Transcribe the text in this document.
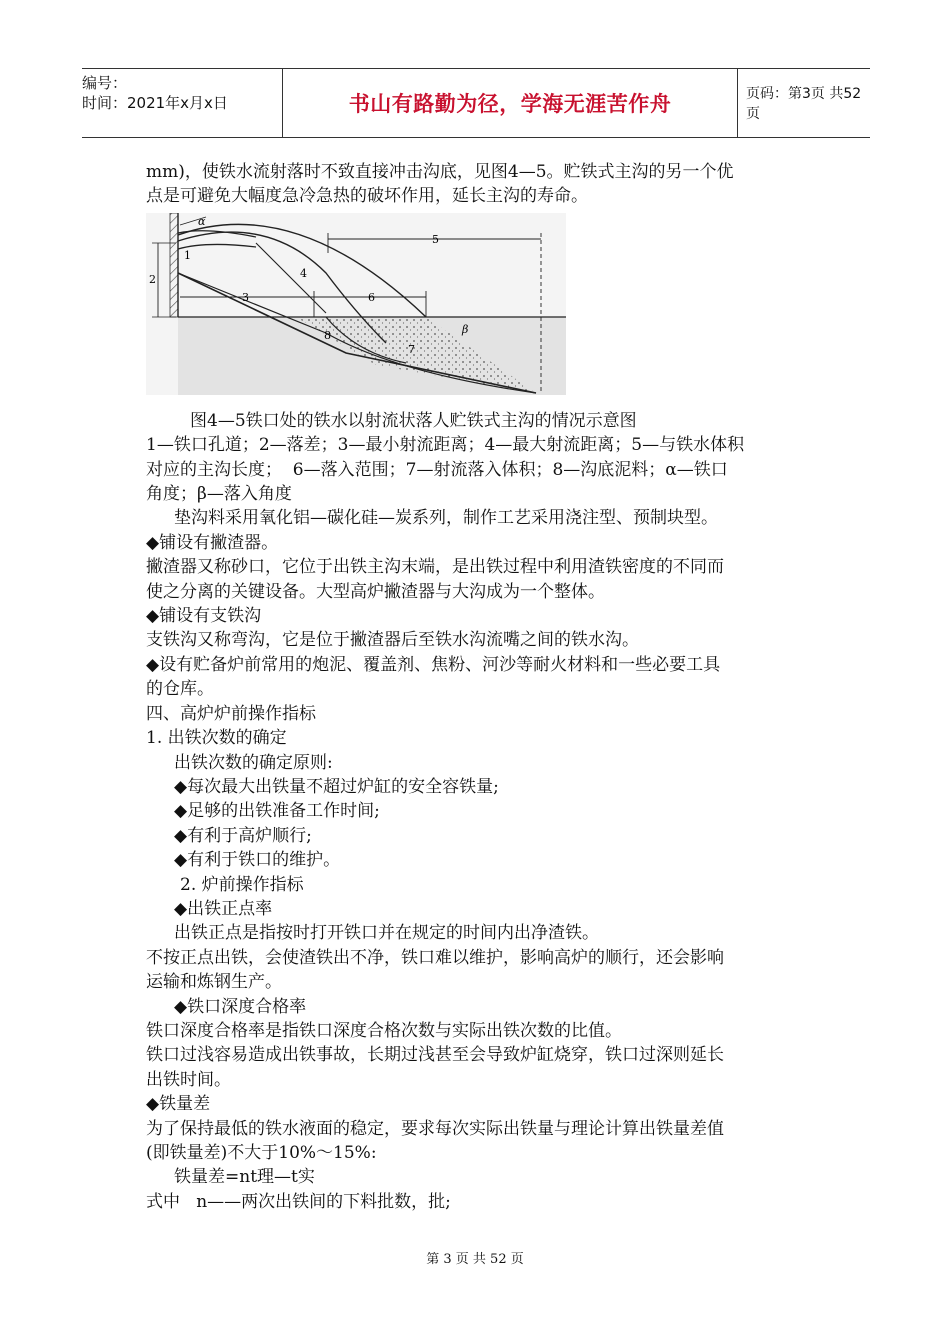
编号：
时间：2021年x月x日	书山有路勤为径，学海无涯苦作舟	页码：第3页 共52页

mm)，使铁水流射落时不致直接冲击沟底，见图4—5。贮铁式主沟的另一个优

点是可避免大幅度急冷急热的破坏作用，延长主沟的寿命。

α
1
2
3
4
5
6
7
8	β

图4—5铁口处的铁水以射流状落人贮铁式主沟的情况示意图

1—铁口孔道；2—落差；3—最小射流距离；4—最大射流距离；5—与铁水体积

对应的主沟长度；  6—落入范围；7—射流落入体积；8—沟底泥料；α—铁口

角度；β—落入角度

垫沟料采用氧化铝—碳化硅—炭系列，制作工艺采用浇注型、预制块型。

◆铺设有撇渣器。

撇渣器又称砂口，它位于出铁主沟末端，是出铁过程中利用渣铁密度的不同而

使之分离的关键设备。大型高炉撇渣器与大沟成为一个整体。

◆铺设有支铁沟

支铁沟又称弯沟，它是位于撇渣器后至铁水沟流嘴之间的铁水沟。

◆设有贮备炉前常用的炮泥、覆盖剂、焦粉、河沙等耐火材料和一些必要工具

的仓库。

四、高炉炉前操作指标

1. 出铁次数的确定

出铁次数的确定原则:

◆每次最大出铁量不超过炉缸的安全容铁量;

◆足够的出铁准备工作时间;

◆有利于高炉顺行;

◆有利于铁口的维护。

2. 炉前操作指标

◆出铁正点率

出铁正点是指按时打开铁口并在规定的时间内出净渣铁。

不按正点出铁，会使渣铁出不净，铁口难以维护，影响高炉的顺行，还会影响

运输和炼钢生产。

◆铁口深度合格率

铁口深度合格率是指铁口深度合格次数与实际出铁次数的比值。

铁口过浅容易造成出铁事故，长期过浅甚至会导致炉缸烧穿，铁口过深则延长

出铁时间。

◆铁量差

为了保持最低的铁水液面的稳定，要求每次实际出铁量与理论计算出铁量差值

(即铁量差)不大于10%～15%:

铁量差=nt理—t实

式中   n——两次出铁间的下料批数，批;

第 3 页 共 52 页
